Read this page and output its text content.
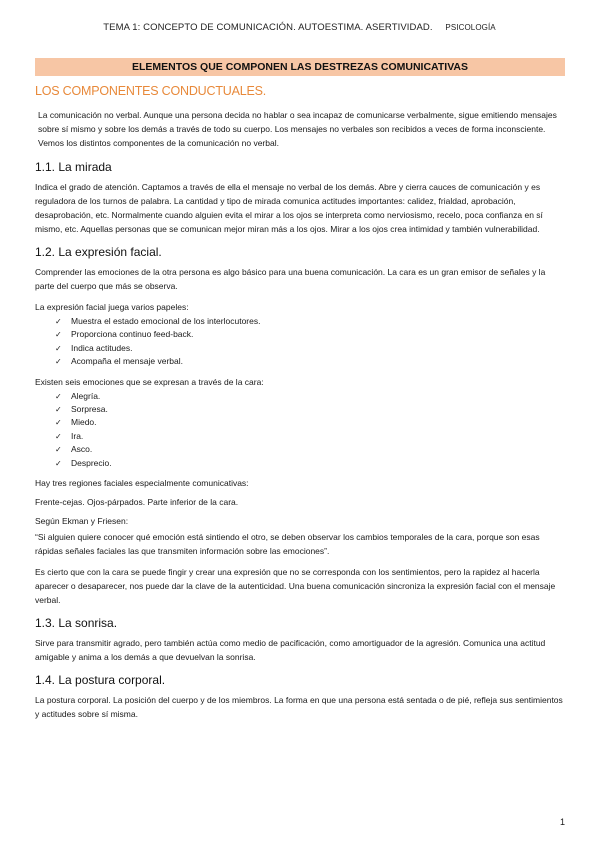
TEMA 1: CONCEPTO DE COMUNICACIÓN. AUTOESTIMA. ASERTIVIDAD. PSICOLOGÍA
ELEMENTOS QUE COMPONEN LAS DESTREZAS COMUNICATIVAS
LOS COMPONENTES CONDUCTUALES.

La comunicación no verbal. Aunque una persona decida no hablar o sea incapaz de comunicarse verbalmente, sigue emitiendo mensajes sobre sí mismo y sobre los demás a través de todo su cuerpo. Los mensajes no verbales son recibidos a veces de forma inconsciente. Vemos los distintos componentes de la comunicación no verbal.

1.1. La mirada

Indica el grado de atención. Captamos a través de ella el mensaje no verbal de los demás. Abre y cierra cauces de comunicación y es reguladora de los turnos de palabra. La cantidad y tipo de mirada comunica actitudes importantes: calidez, frialdad, aprobación, desaprobación, etc. Normalmente cuando alguien evita el mirar a los ojos se interpreta como nerviosismo, recelo, poca confianza en sí mismo, etc. Aquellas personas que se comunican mejor miran más a los ojos. Mirar a los ojos crea intimidad y también vulnerabilidad.

1.2. La expresión facial.

Comprender las emociones de la otra persona es algo básico para una buena comunicación. La cara es un gran emisor de señales y la parte del cuerpo que más se observa.

La expresión facial juega varios papeles:

✓ Muestra el estado emocional de los interlocutores.
✓ Proporciona continuo feed-back.
✓ Indica actitudes.
✓ Acompaña el mensaje verbal.

Existen seis emociones que se expresan a través de la cara:

✓ Alegría.
✓ Sorpresa.
✓ Miedo.
✓ Ira.
✓ Asco.
✓ Desprecio.

Hay tres regiones faciales especialmente comunicativas:

Frente-cejas. Ojos-párpados. Parte inferior de la cara.

Según Ekman y Friesen:

“Si alguien quiere conocer qué emoción está sintiendo el otro, se deben observar los cambios temporales de la cara, porque son esas rápidas señales faciales las que transmiten información sobre las emociones”.

Es cierto que con la cara se puede fingir y crear una expresión que no se corresponda con los sentimientos, pero la rapidez al hacerla aparecer o desaparecer, nos puede dar la clave de la autenticidad. Una buena comunicación sincroniza la expresión facial con el mensaje verbal.

1.3. La sonrisa.

Sirve para transmitir agrado, pero también actúa como medio de pacificación, como amortiguador de la agresión. Comunica una actitud amigable y anima a los demás a que devuelvan la sonrisa.

1.4. La postura corporal.

La postura corporal. La posición del cuerpo y de los miembros. La forma en que una persona está sentada o de pié, refleja sus sentimientos y actitudes sobre sí misma.

1
